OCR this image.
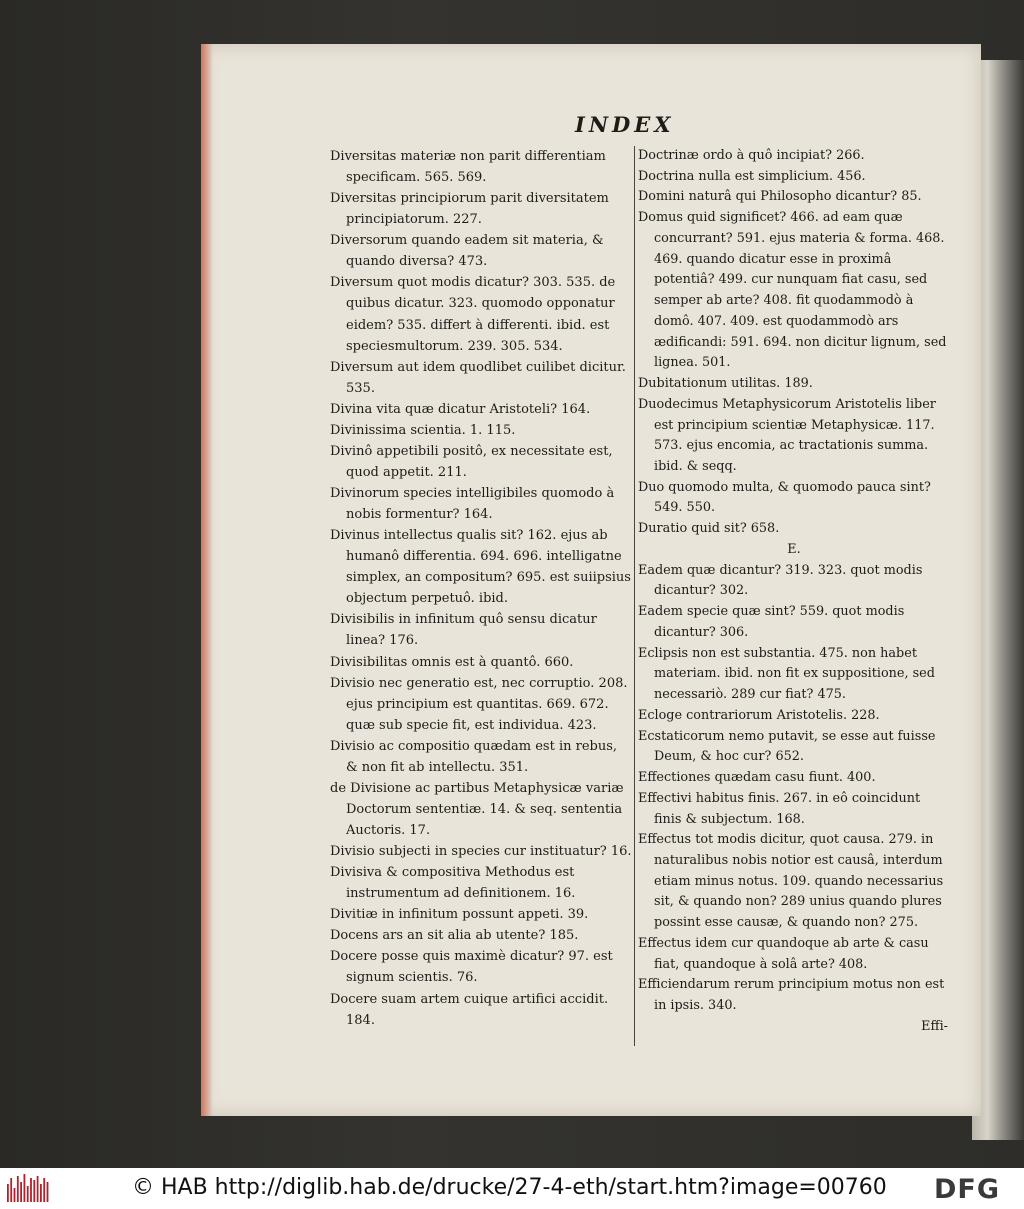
INDEX
Diversitas materiæ non parit differentiam specificam. 565. 569.
Diversitas principiorum parit diversitatem principiatorum. 227.
Diversorum quando eadem sit materia, & quando diversa? 473.
Diversum quot modis dicatur? 303. 535. de quibus dicatur. 323. quomodo opponatur eidem? 535. differt à differenti. ibid. est speciesmultorum. 239. 305. 534.
Diversum aut idem quodlibet cuilibet dicitur. 535.
Divina vita quæ dicatur Aristoteli? 164.
Divinissima scientia. 1. 115.
Divinô appetibili positô, ex necessitate est, quod appetit. 211.
Divinorum species intelligibiles quomodo à nobis formentur? 164.
Divinus intellectus qualis sit? 162. ejus ab humanô differentia. 694. 696. intelligatne simplex, an compositum? 695. est suiipsius objectum perpetuô. ibid.
Divisibilis in infinitum quô sensu dicatur linea? 176.
Divisibilitas omnis est à quantô. 660.
Divisio nec generatio est, nec corruptio. 208. ejus principium est quantitas. 669. 672. quæ sub specie fit, est individua. 423.
Divisio ac compositio quædam est in rebus, & non fit ab intellectu. 351.
de Divisione ac partibus Metaphysicæ variæ Doctorum sententiæ. 14. & seq. sententia Auctoris. 17.
Divisio subjecti in species cur instituatur? 16.
Divisiva & compositiva Methodus est instrumentum ad definitionem. 16.
Divitiæ in infinitum possunt appeti. 39.
Docens ars an sit alia ab utente? 185.
Docere posse quis maximè dicatur? 97. est signum scientis. 76.
Docere suam artem cuique artifici accidit. 184.
Doctrinæ ordo à quô incipiat? 266.
Doctrina nulla est simplicium. 456.
Domini naturâ qui Philosopho dicantur? 85.
Domus quid significet? 466. ad eam quæ concurrant? 591. ejus materia & forma. 468. 469. quando dicatur esse in proximâ potentiâ? 499. cur nunquam fiat casu, sed semper ab arte? 408. fit quodammodò à domô. 407. 409. est quodammodò ars ædificandi: 591. 694. non dicitur lignum, sed lignea. 501.
Dubitationum utilitas. 189.
Duodecimus Metaphysicorum Aristotelis liber est principium scientiæ Metaphysicæ. 117. 573. ejus encomia, ac tractationis summa. ibid. & seqq.
Duo quomodo multa, & quomodo pauca sint? 549. 550.
Duratio quid sit? 658.
E.
Eadem quæ dicantur? 319. 323. quot modis dicantur? 302.
Eadem specie quæ sint? 559. quot modis dicantur? 306.
Eclipsis non est substantia. 475. non habet materiam. ibid. non fit ex suppositione, sed necessariò. 289 cur fiat? 475.
Ecloge contrariorum Aristotelis. 228.
Ecstaticorum nemo putavit, se esse aut fuisse Deum, & hoc cur? 652.
Effectiones quædam casu fiunt. 400.
Effectivi habitus finis. 267. in eô coincidunt finis & subjectum. 168.
Effectus tot modis dicitur, quot causa. 279. in naturalibus nobis notior est causâ, interdum etiam minus notus. 109. quando necessarius sit, & quando non? 289 unius quando plures possint esse causæ, & quando non? 275.
Effectus idem cur quandoque ab arte & casu fiat, quandoque à solâ arte? 408.
Efficiendarum rerum principium motus non est in ipsis. 340.
Effi-
© HAB http://diglib.hab.de/drucke/27-4-eth/start.htm?image=00760 DFG
